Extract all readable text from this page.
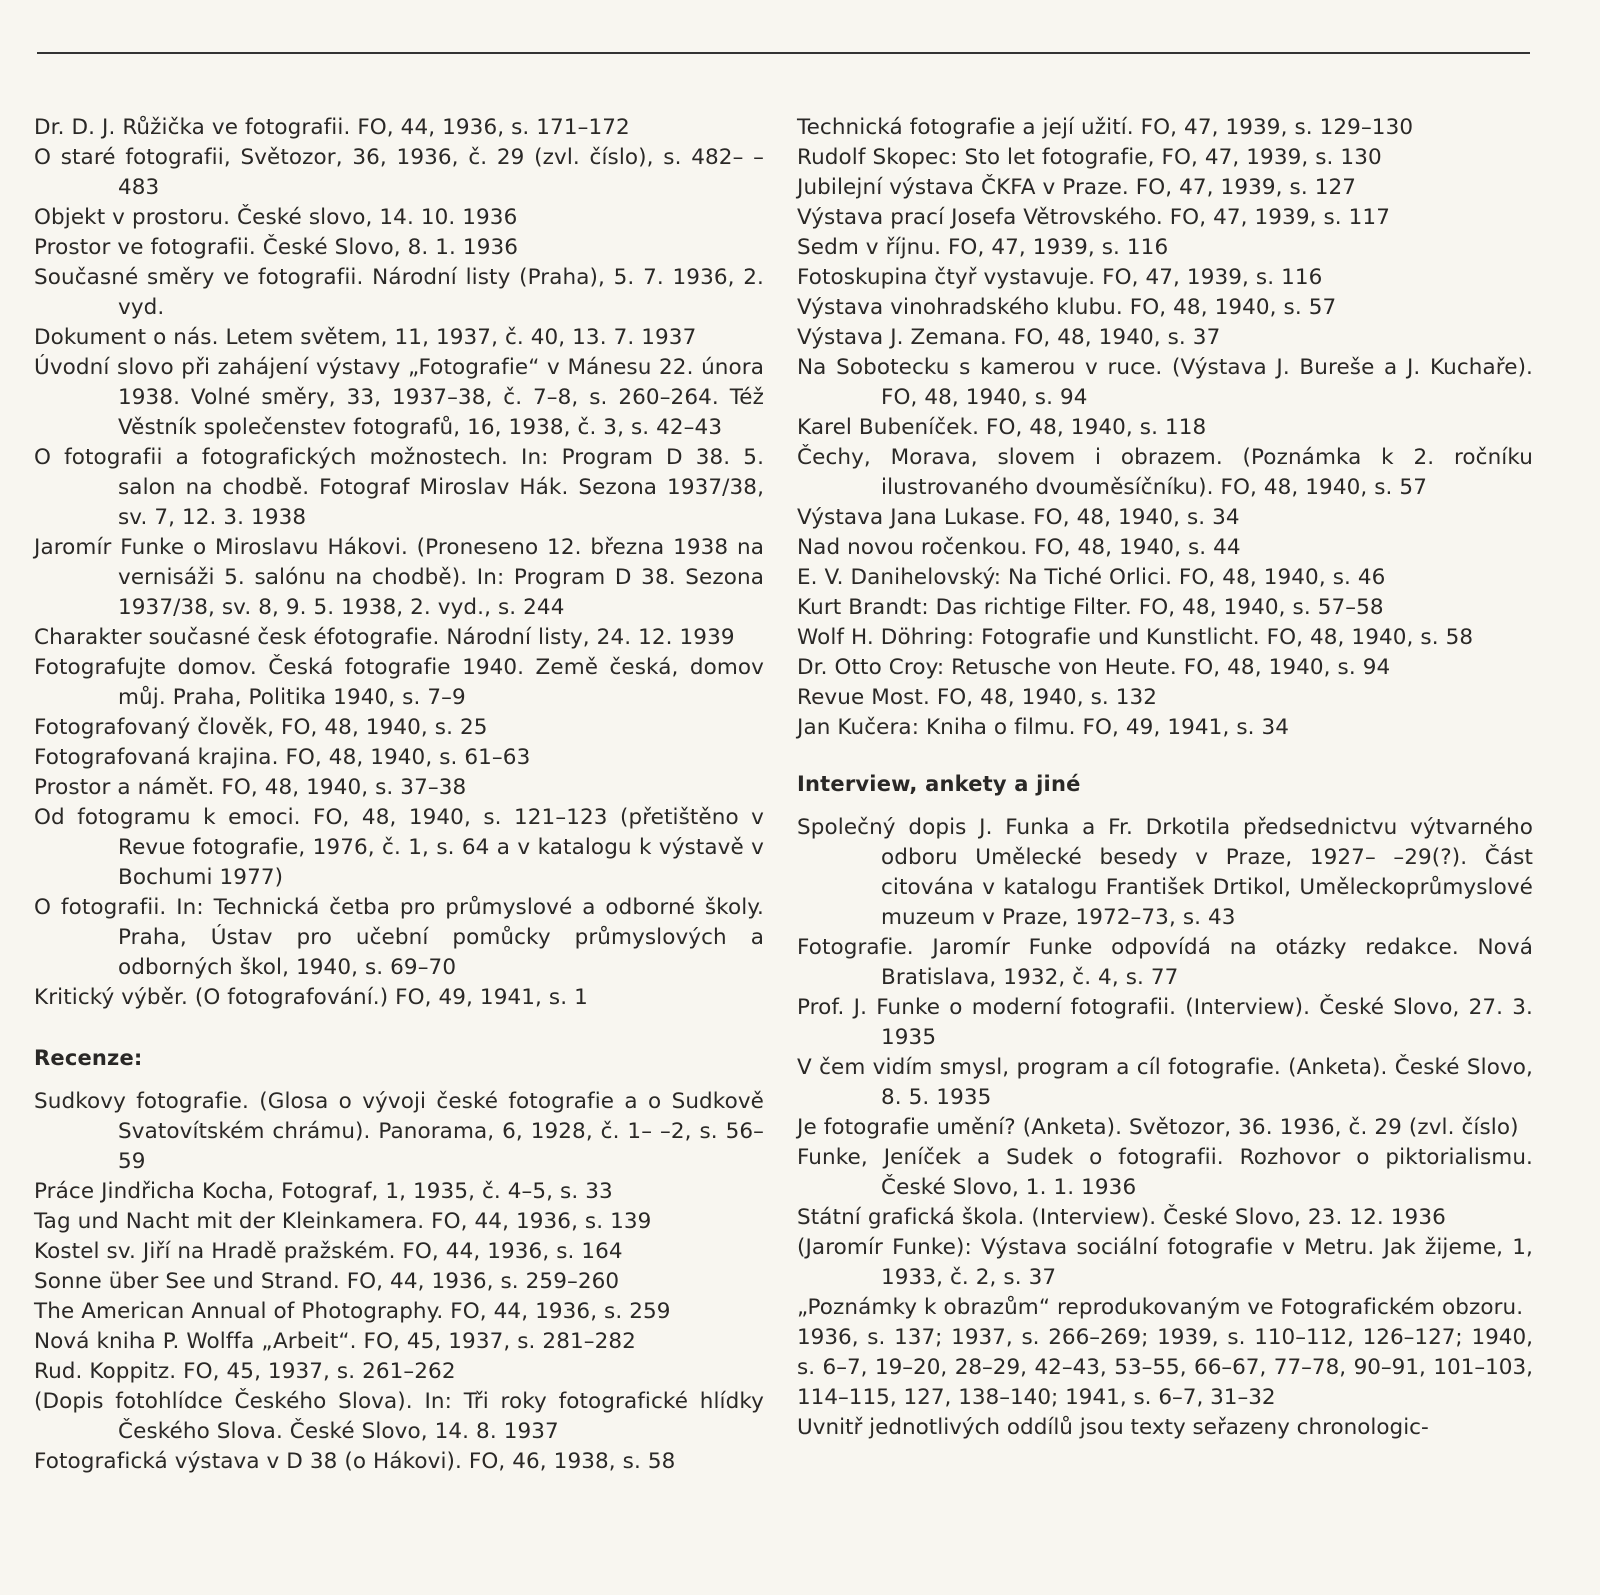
Dr. D. J. Růžička ve fotografii. FO, 44, 1936, s. 171–172

O staré fotografii, Světozor, 36, 1936, č. 29 (zvl. číslo), s. 482– –483

Objekt v prostoru. České slovo, 14. 10. 1936

Prostor ve fotografii. České Slovo, 8. 1. 1936

Současné směry ve fotografii. Národní listy (Praha), 5. 7. 1936, 2. vyd.

Dokument o nás. Letem světem, 11, 1937, č. 40, 13. 7. 1937

Úvodní slovo při zahájení výstavy „Fotografie“ v Mánesu 22. února 1938. Volné směry, 33, 1937–38, č. 7–8, s. 260–264. Též Věstník společenstev fotografů, 16, 1938, č. 3, s. 42–43

O fotografii a fotografických možnostech. In: Program D 38. 5. salon na chodbě. Fotograf Miroslav Hák. Sezona 1937/38, sv. 7, 12. 3. 1938

Jaromír Funke o Miroslavu Hákovi. (Proneseno 12. března 1938 na vernisáži 5. salónu na chodbě). In: Program D 38. Sezona 1937/38, sv. 8, 9. 5. 1938, 2. vyd., s. 244

Charakter současné česk éfotografie. Národní listy, 24. 12. 1939

Fotografujte domov. Česká fotografie 1940. Země česká, domov můj. Praha, Politika 1940, s. 7–9

Fotografovaný člověk, FO, 48, 1940, s. 25

Fotografovaná krajina. FO, 48, 1940, s. 61–63

Prostor a námět. FO, 48, 1940, s. 37–38

Od fotogramu k emoci. FO, 48, 1940, s. 121–123 (přetištěno v Revue fotografie, 1976, č. 1, s. 64 a v katalogu k výstavě v Bochumi 1977)

O fotografii. In: Technická četba pro průmyslové a odborné školy. Praha, Ústav pro učební pomůcky průmyslových a odborných škol, 1940, s. 69–70

Kritický výběr. (O fotografování.) FO, 49, 1941, s. 1

Recenze:

Sudkovy fotografie. (Glosa o vývoji české fotografie a o Sudkově Svatovítském chrámu). Panorama, 6, 1928, č. 1– –2, s. 56–59

Práce Jindřicha Kocha, Fotograf, 1, 1935, č. 4–5, s. 33

Tag und Nacht mit der Kleinkamera. FO, 44, 1936, s. 139

Kostel sv. Jiří na Hradě pražském. FO, 44, 1936, s. 164

Sonne über See und Strand. FO, 44, 1936, s. 259–260

The American Annual of Photography. FO, 44, 1936, s. 259

Nová kniha P. Wolffa „Arbeit“. FO, 45, 1937, s. 281–282

Rud. Koppitz. FO, 45, 1937, s. 261–262

(Dopis fotohlídce Českého Slova). In: Tři roky fotografické hlídky Českého Slova. České Slovo, 14. 8. 1937

Fotografická výstava v D 38 (o Hákovi). FO, 46, 1938, s. 58

Technická fotografie a její užití. FO, 47, 1939, s. 129–130

Rudolf Skopec: Sto let fotografie, FO, 47, 1939, s. 130

Jubilejní výstava ČKFA v Praze. FO, 47, 1939, s. 127

Výstava prací Josefa Větrovského. FO, 47, 1939, s. 117

Sedm v říjnu. FO, 47, 1939, s. 116

Fotoskupina čtyř vystavuje. FO, 47, 1939, s. 116

Výstava vinohradského klubu. FO, 48, 1940, s. 57

Výstava J. Zemana. FO, 48, 1940, s. 37

Na Sobotecku s kamerou v ruce. (Výstava J. Bureše a J. Kuchaře). FO, 48, 1940, s. 94

Karel Bubeníček. FO, 48, 1940, s. 118

Čechy, Morava, slovem i obrazem. (Poznámka k 2. ročníku ilustrovaného dvouměsíčníku). FO, 48, 1940, s. 57

Výstava Jana Lukase. FO, 48, 1940, s. 34

Nad novou ročenkou. FO, 48, 1940, s. 44

E. V. Danihelovský: Na Tiché Orlici. FO, 48, 1940, s. 46

Kurt Brandt: Das richtige Filter. FO, 48, 1940, s. 57–58

Wolf H. Döhring: Fotografie und Kunstlicht. FO, 48, 1940, s. 58

Dr. Otto Croy: Retusche von Heute. FO, 48, 1940, s. 94

Revue Most. FO, 48, 1940, s. 132

Jan Kučera: Kniha o filmu. FO, 49, 1941, s. 34

Interview, ankety a jiné

Společný dopis J. Funka a Fr. Drkotila předsednictvu výtvarného odboru Umělecké besedy v Praze, 1927– –29(?). Část citována v katalogu František Drtikol, Uměleckoprůmyslové muzeum v Praze, 1972–73, s. 43

Fotografie. Jaromír Funke odpovídá na otázky redakce. Nová Bratislava, 1932, č. 4, s. 77

Prof. J. Funke o moderní fotografii. (Interview). České Slovo, 27. 3. 1935

V čem vidím smysl, program a cíl fotografie. (Anketa). České Slovo, 8. 5. 1935

Je fotografie umění? (Anketa). Světozor, 36. 1936, č. 29 (zvl. číslo)

Funke, Jeníček a Sudek o fotografii. Rozhovor o piktorialismu. České Slovo, 1. 1. 1936

Státní grafická škola. (Interview). České Slovo, 23. 12. 1936

(Jaromír Funke): Výstava sociální fotografie v Metru. Jak žijeme, 1, 1933, č. 2, s. 37

„Poznámky k obrazům“ reprodukovaným ve Fotografickém obzoru.

1936, s. 137; 1937, s. 266–269; 1939, s. 110–112, 126–127; 1940, s. 6–7, 19–20, 28–29, 42–43, 53–55, 66–67, 77–78, 90–91, 101–103, 114–115, 127, 138–140; 1941, s. 6–7, 31–32

Uvnitř jednotlivých oddílů jsou texty seřazeny chronologic-
